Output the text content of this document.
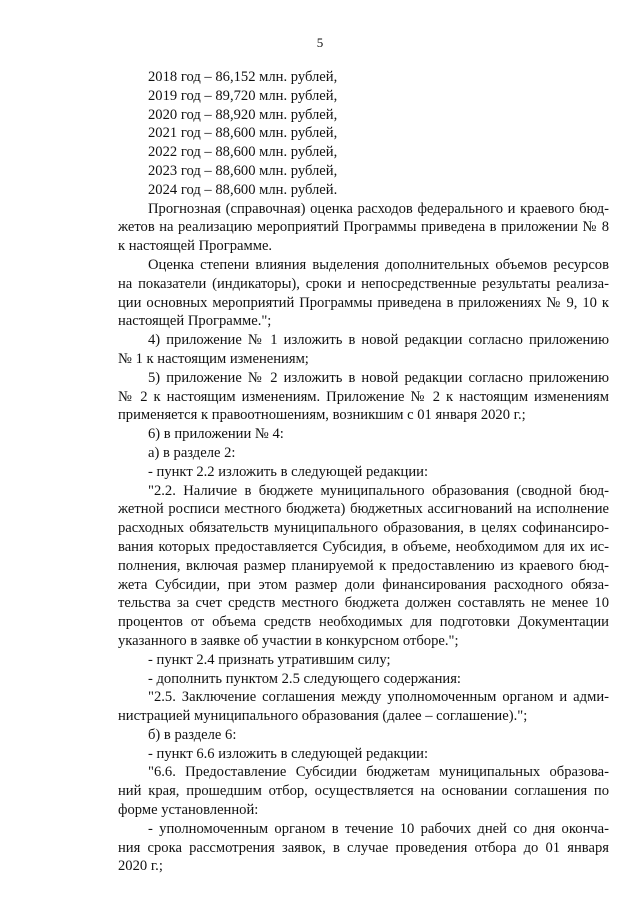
5
2018 год – 86,152 млн. рублей,
2019 год – 89,720 млн. рублей,
2020 год – 88,920 млн. рублей,
2021 год – 88,600 млн. рублей,
2022 год – 88,600 млн. рублей,
2023 год – 88,600 млн. рублей,
2024 год – 88,600 млн. рублей.
Прогнозная (справочная) оценка расходов федерального и краевого бюд-
жетов на реализацию мероприятий Программы приведена в приложении № 8
к настоящей Программе.
Оценка степени влияния выделения дополнительных объемов ресурсов
на показатели (индикаторы), сроки и непосредственные результаты реализа-
ции основных мероприятий Программы приведена в приложениях № 9, 10 к
настоящей Программе.";
4) приложение № 1 изложить в новой редакции согласно приложению
№ 1 к настоящим изменениям;
5) приложение № 2 изложить в новой редакции согласно приложению
№ 2 к настоящим изменениям. Приложение № 2 к настоящим изменениям
применяется к правоотношениям, возникшим с 01 января 2020 г.;
6) в приложении № 4:
а) в разделе 2:
- пункт 2.2 изложить в следующей редакции:
"2.2. Наличие в бюджете муниципального образования (сводной бюд-
жетной росписи местного бюджета) бюджетных ассигнований на исполнение
расходных обязательств муниципального образования, в целях софинансиро-
вания которых предоставляется Субсидия, в объеме, необходимом для их ис-
полнения, включая размер планируемой к предоставлению из краевого бюд-
жета Субсидии, при этом размер доли финансирования расходного обяза-
тельства за счет средств местного бюджета должен составлять не менее 10
процентов от объема средств необходимых для подготовки Документации
указанного в заявке об участии в конкурсном отборе.";
- пункт 2.4 признать утратившим силу;
- дополнить пунктом 2.5 следующего содержания:
"2.5. Заключение соглашения между уполномоченным органом и адми-
нистрацией муниципального образования (далее – соглашение).";
б) в разделе 6:
- пункт 6.6 изложить в следующей редакции:
"6.6. Предоставление Субсидии бюджетам муниципальных образова-
ний края, прошедшим отбор, осуществляется на основании соглашения по
форме установленной:
- уполномоченным органом в течение 10 рабочих дней со дня оконча-
ния срока рассмотрения заявок, в случае проведения отбора до 01 января
2020 г.;
